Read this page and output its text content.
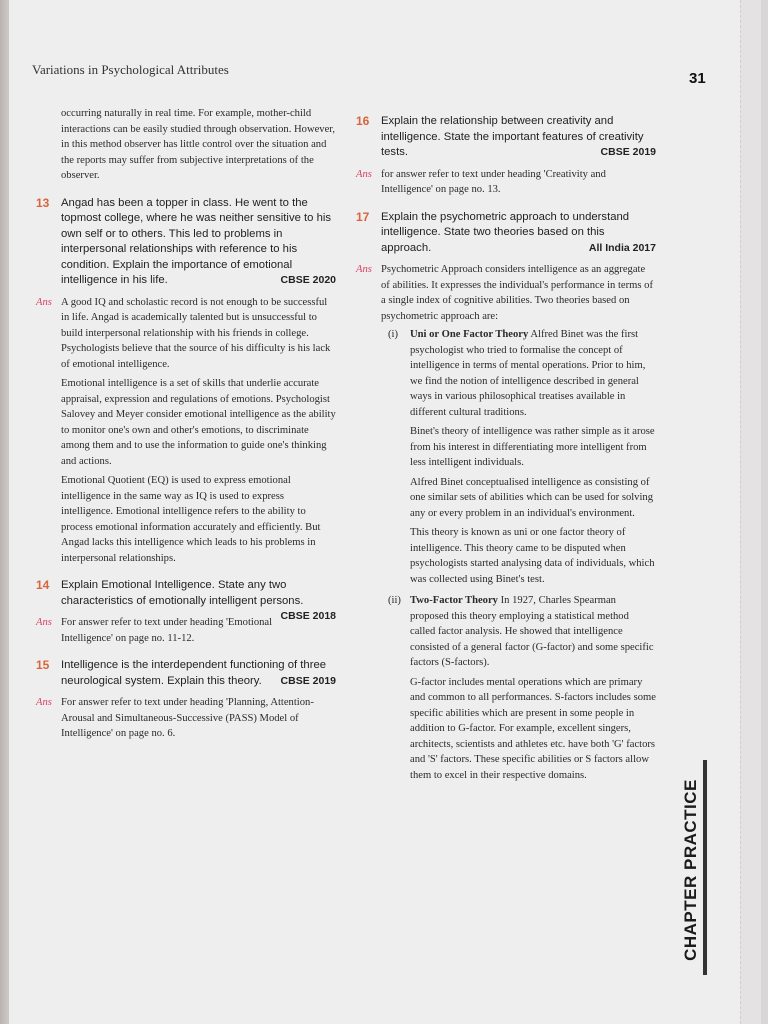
Variations in Psychological Attributes
31
occurring naturally in real time. For example, mother-child interactions can be easily studied through observation. However, in this method observer has little control over the situation and the reports may suffer from subjective interpretations of the observer.
13 Angad has been a topper in class. He went to the topmost college, where he was neither sensitive to his own self or to others. This led to problems in interpersonal relationships with reference to his condition. Explain the importance of emotional intelligence in his life.	CBSE 2020
Ans A good IQ and scholastic record is not enough to be successful in life. Angad is academically talented but is unsuccessful to build interpersonal relationship with his friends in college. Psychologists believe that the source of his difficulty is his lack of emotional intelligence.
Emotional intelligence is a set of skills that underlie accurate appraisal, expression and regulations of emotions. Psychologist Salovey and Meyer consider emotional intelligence as the ability to monitor one's own and other's emotions, to discriminate among them and to use the information to guide one's thinking and actions.
Emotional Quotient (EQ) is used to express emotional intelligence in the same way as IQ is used to express intelligence. Emotional intelligence refers to the ability to process emotional information accurately and efficiently. But Angad lacks this intelligence which leads to his problems in interpersonal relationships.
14 Explain Emotional Intelligence. State any two characteristics of emotionally intelligent persons.
CBSE 2018
Ans For answer refer to text under heading 'Emotional Intelligence' on page no. 11-12.
15 Intelligence is the interdependent functioning of three neurological system. Explain this theory. CBSE 2019
Ans For answer refer to text under heading 'Planning, Attention-Arousal and Simultaneous-Successive (PASS) Model of Intelligence' on page no. 6.
16 Explain the relationship between creativity and intelligence. State the important features of creativity tests.	CBSE 2019
Ans for answer refer to text under heading 'Creativity and Intelligence' on page no. 13.
17 Explain the psychometric approach to understand intelligence. State two theories based on this approach.	All India 2017
Ans Psychometric Approach considers intelligence as an aggregate of abilities. It expresses the individual's performance in terms of a single index of cognitive abilities. Two theories based on psychometric approach are:
(i) Uni or One Factor Theory Alfred Binet was the first psychologist who tried to formalise the concept of intelligence in terms of mental operations. Prior to him, we find the notion of intelligence described in general ways in various philosophical treatises available in different cultural traditions.
Binet's theory of intelligence was rather simple as it arose from his interest in differentiating more intelligent from less intelligent individuals.
Alfred Binet conceptualised intelligence as consisting of one similar sets of abilities which can be used for solving any or every problem in an individual's environment.
This theory is known as uni or one factor theory of intelligence. This theory came to be disputed when psychologists started analysing data of individuals, which was collected using Binet's test.
(ii) Two-Factor Theory In 1927, Charles Spearman proposed this theory employing a statistical method called factor analysis. He showed that intelligence consisted of a general factor (G-factor) and some specific factors (S-factors).
G-factor includes mental operations which are primary and common to all performances. S-factors includes some specific abilities which are present in some people in addition to G-factor. For example, excellent singers, architects, scientists and athletes etc. have both 'G' factors and 'S' factors. These specific abilities or S factors allow them to excel in their respective domains.
CHAPTER PRACTICE
